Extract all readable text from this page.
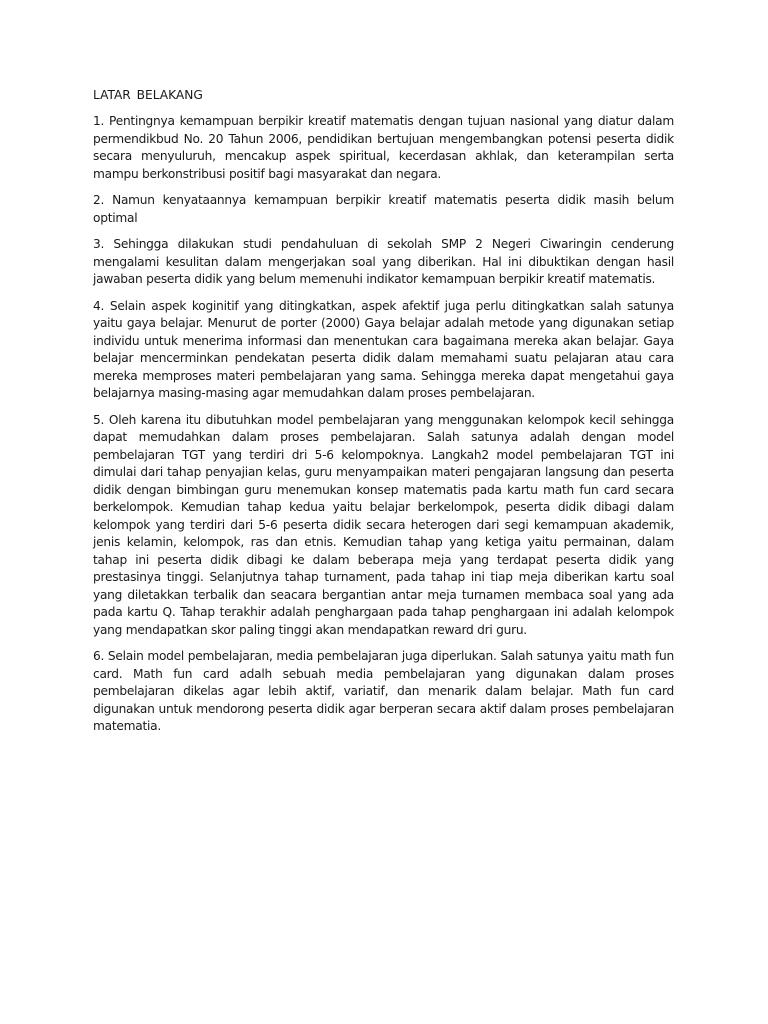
LATAR BELAKANG

1. Pentingnya kemampuan berpikir kreatif matematis dengan tujuan nasional yang diatur dalam permendikbud No. 20 Tahun 2006, pendidikan bertujuan mengembangkan potensi peserta didik secara menyuluruh, mencakup aspek spiritual, kecerdasan akhlak, dan keterampilan serta mampu berkonstribusi positif bagi masyarakat dan negara.

2. Namun kenyataannya kemampuan berpikir kreatif matematis peserta didik masih belum optimal

3. Sehingga dilakukan studi pendahuluan di sekolah SMP 2 Negeri Ciwaringin cenderung mengalami kesulitan dalam mengerjakan soal yang diberikan. Hal ini dibuktikan dengan hasil jawaban peserta didik yang belum memenuhi indikator kemampuan berpikir kreatif matematis.

4. Selain aspek koginitif yang ditingkatkan, aspek afektif juga perlu ditingkatkan salah satunya yaitu gaya belajar. Menurut de porter (2000) Gaya belajar adalah metode yang digunakan setiap individu untuk menerima informasi dan menentukan cara bagaimana mereka akan belajar. Gaya belajar mencerminkan pendekatan peserta didik dalam memahami suatu pelajaran atau cara mereka memproses materi pembelajaran yang sama. Sehingga mereka dapat mengetahui gaya belajarnya masing-masing agar memudahkan dalam proses pembelajaran.

5. Oleh karena itu dibutuhkan model pembelajaran yang menggunakan kelompok kecil sehingga dapat memudahkan dalam proses pembelajaran. Salah satunya adalah dengan model pembelajaran TGT yang terdiri dri 5-6 kelompoknya. Langkah2 model pembelajaran TGT ini dimulai dari tahap penyajian kelas, guru menyampaikan materi pengajaran langsung dan peserta didik dengan bimbingan guru menemukan konsep matematis pada kartu math fun card secara berkelompok. Kemudian tahap kedua yaitu belajar berkelompok, peserta didik dibagi dalam kelompok yang terdiri dari 5-6 peserta didik secara heterogen dari segi kemampuan akademik, jenis kelamin, kelompok, ras dan etnis. Kemudian tahap yang ketiga yaitu permainan, dalam tahap ini peserta didik dibagi ke dalam beberapa meja yang terdapat peserta didik yang prestasinya tinggi. Selanjutnya tahap turnament, pada tahap ini tiap meja diberikan kartu soal yang diletakkan terbalik dan seacara bergantian antar meja turnamen membaca soal yang ada pada kartu Q. Tahap terakhir adalah penghargaan pada tahap penghargaan ini adalah kelompok yang mendapatkan skor paling tinggi akan mendapatkan reward dri guru.

6. Selain model pembelajaran, media pembelajaran juga diperlukan. Salah satunya yaitu math fun card. Math fun card adalh sebuah media pembelajaran yang digunakan dalam proses pembelajaran dikelas agar lebih aktif, variatif, dan menarik dalam belajar. Math fun card digunakan untuk mendorong peserta didik agar berperan secara aktif dalam proses pembelajaran matematia.
